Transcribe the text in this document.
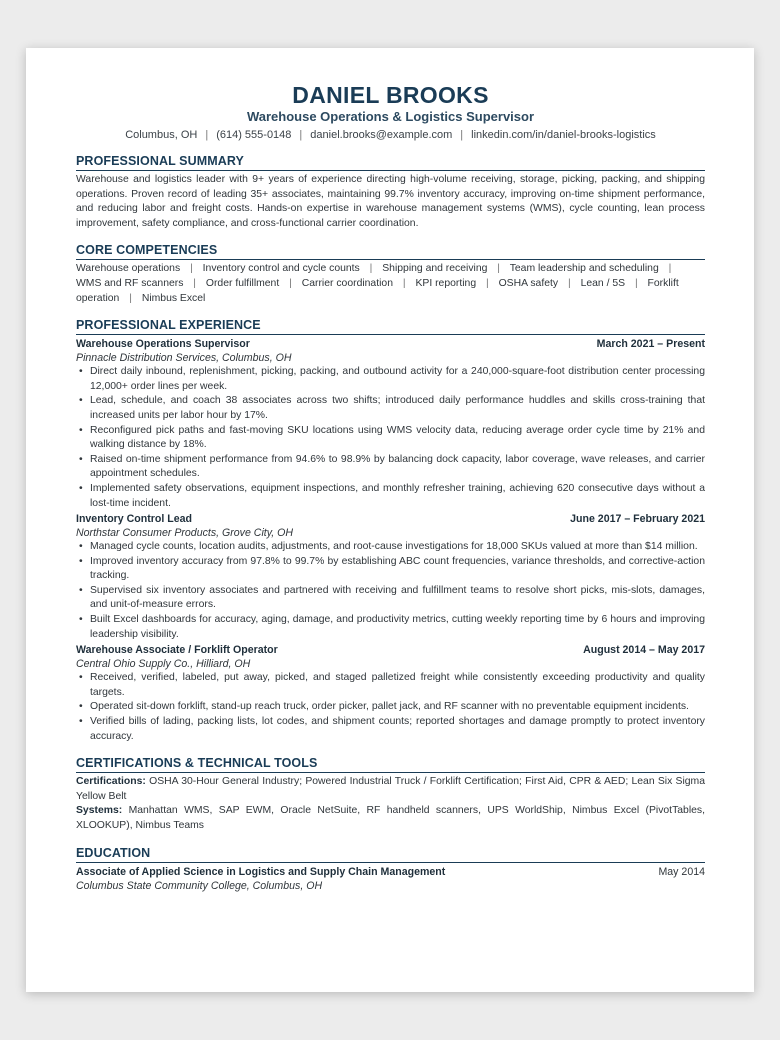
DANIEL BROOKS
Warehouse Operations & Logistics Supervisor
Columbus, OH | (614) 555-0148 | daniel.brooks@example.com | linkedin.com/in/daniel-brooks-logistics
PROFESSIONAL SUMMARY
Warehouse and logistics leader with 9+ years of experience directing high-volume receiving, storage, picking, packing, and shipping operations. Proven record of leading 35+ associates, maintaining 99.7% inventory accuracy, improving on-time shipment performance, and reducing labor and freight costs. Hands-on expertise in warehouse management systems (WMS), cycle counting, lean process improvement, safety compliance, and cross-functional carrier coordination.
CORE COMPETENCIES
Warehouse operations | Inventory control and cycle counts | Shipping and receiving | Team leadership and scheduling | WMS and RF scanners | Order fulfillment | Carrier coordination | KPI reporting | OSHA safety | Lean / 5S | Forklift operation | Nimbus Excel
PROFESSIONAL EXPERIENCE
Warehouse Operations Supervisor	March 2021 – Present
Pinnacle Distribution Services, Columbus, OH
• Direct daily inbound, replenishment, picking, packing, and outbound activity for a 240,000-square-foot distribution center processing 12,000+ order lines per week.
• Lead, schedule, and coach 38 associates across two shifts; introduced daily performance huddles and skills cross-training that increased units per labor hour by 17%.
• Reconfigured pick paths and fast-moving SKU locations using WMS velocity data, reducing average order cycle time by 21% and walking distance by 18%.
• Raised on-time shipment performance from 94.6% to 98.9% by balancing dock capacity, labor coverage, wave releases, and carrier appointment schedules.
• Implemented safety observations, equipment inspections, and monthly refresher training, achieving 620 consecutive days without a lost-time incident.
Inventory Control Lead	June 2017 – February 2021
Northstar Consumer Products, Grove City, OH
• Managed cycle counts, location audits, adjustments, and root-cause investigations for 18,000 SKUs valued at more than $14 million.
• Improved inventory accuracy from 97.8% to 99.7% by establishing ABC count frequencies, variance thresholds, and corrective-action tracking.
• Supervised six inventory associates and partnered with receiving and fulfillment teams to resolve short picks, mis-slots, damages, and unit-of-measure errors.
• Built Excel dashboards for accuracy, aging, damage, and productivity metrics, cutting weekly reporting time by 6 hours and improving leadership visibility.
Warehouse Associate / Forklift Operator	August 2014 – May 2017
Central Ohio Supply Co., Hilliard, OH
• Received, verified, labeled, put away, picked, and staged palletized freight while consistently exceeding productivity and quality targets.
• Operated sit-down forklift, stand-up reach truck, order picker, pallet jack, and RF scanner with no preventable equipment incidents.
• Verified bills of lading, packing lists, lot codes, and shipment counts; reported shortages and damage promptly to protect inventory accuracy.
CERTIFICATIONS & TECHNICAL TOOLS
Certifications: OSHA 30-Hour General Industry; Powered Industrial Truck / Forklift Certification; First Aid, CPR & AED; Lean Six Sigma Yellow Belt
Systems: Manhattan WMS, SAP EWM, Oracle NetSuite, RF handheld scanners, UPS WorldShip, Nimbus Excel (PivotTables, XLOOKUP), Nimbus Teams
EDUCATION
Associate of Applied Science in Logistics and Supply Chain Management	May 2014
Columbus State Community College, Columbus, OH
